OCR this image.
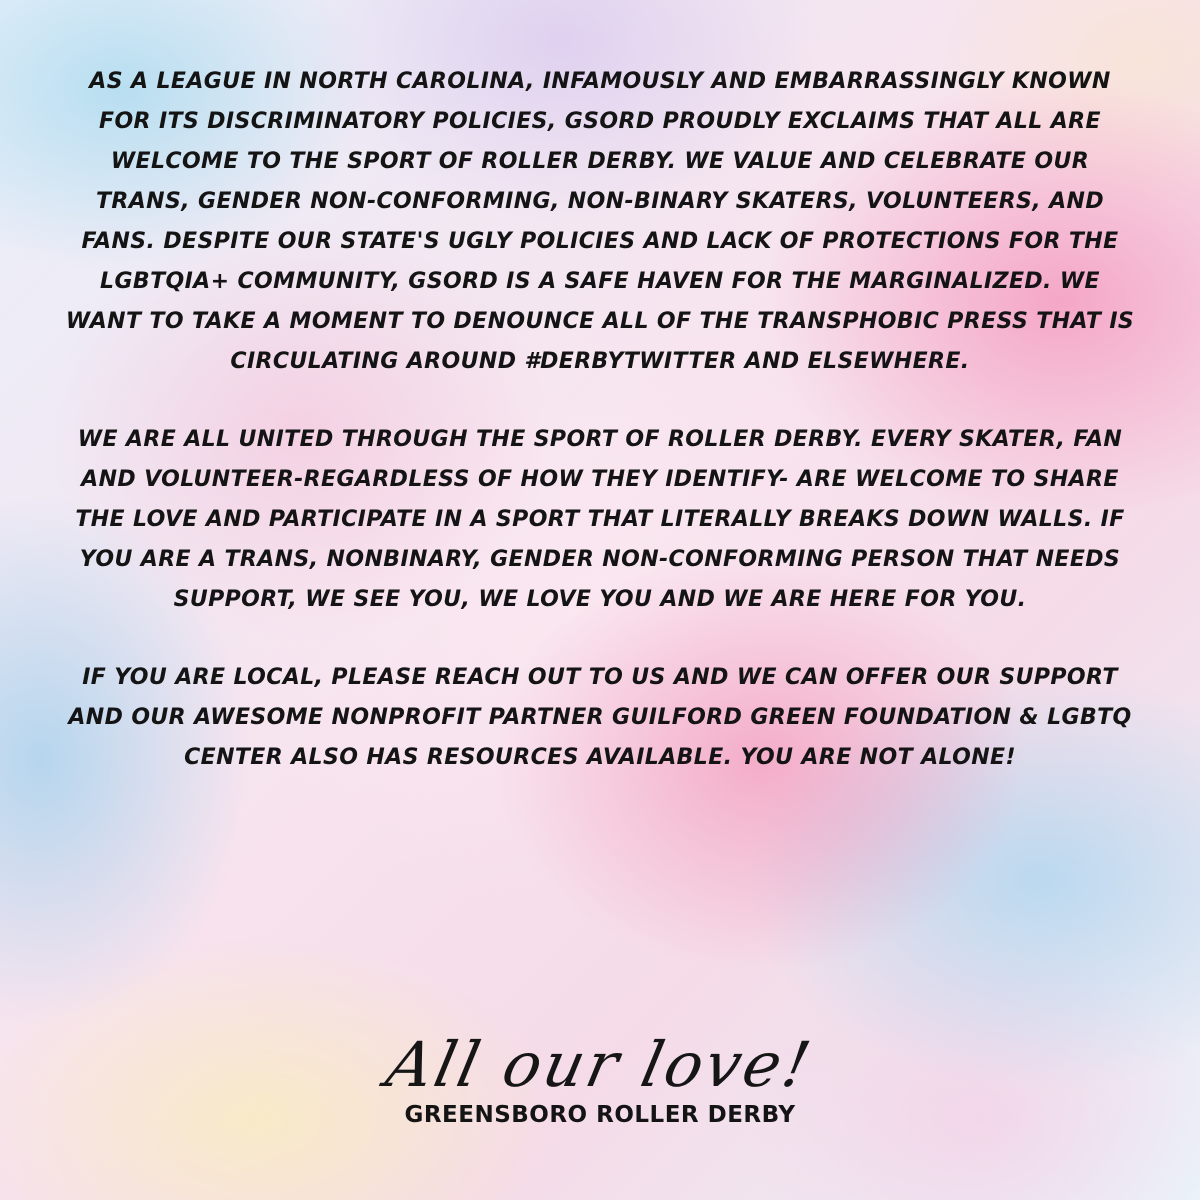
AS A LEAGUE IN NORTH CAROLINA, INFAMOUSLY AND EMBARRASSINGLY KNOWN FOR ITS DISCRIMINATORY POLICIES, GSORD PROUDLY EXCLAIMS THAT ALL ARE WELCOME TO THE SPORT OF ROLLER DERBY. WE VALUE AND CELEBRATE OUR TRANS, GENDER NON-CONFORMING, NON-BINARY SKATERS, VOLUNTEERS, AND FANS. DESPITE OUR STATE'S UGLY POLICIES AND LACK OF PROTECTIONS FOR THE LGBTQIA+ COMMUNITY, GSORD IS A SAFE HAVEN FOR THE MARGINALIZED. WE WANT TO TAKE A MOMENT TO DENOUNCE ALL OF THE TRANSPHOBIC PRESS THAT IS CIRCULATING AROUND #DERBYTWITTER AND ELSEWHERE.

WE ARE ALL UNITED THROUGH THE SPORT OF ROLLER DERBY. EVERY SKATER, FAN AND VOLUNTEER-REGARDLESS OF HOW THEY IDENTIFY- ARE WELCOME TO SHARE THE LOVE AND PARTICIPATE IN A SPORT THAT LITERALLY BREAKS DOWN WALLS. IF YOU ARE A TRANS, NONBINARY, GENDER NON-CONFORMING PERSON THAT NEEDS SUPPORT, WE SEE YOU, WE LOVE YOU AND WE ARE HERE FOR YOU.

IF YOU ARE LOCAL, PLEASE REACH OUT TO US AND WE CAN OFFER OUR SUPPORT AND OUR AWESOME NONPROFIT PARTNER GUILFORD GREEN FOUNDATION & LGBTQ CENTER ALSO HAS RESOURCES AVAILABLE. YOU ARE NOT ALONE!

All our love!
GREENSBORO ROLLER DERBY
